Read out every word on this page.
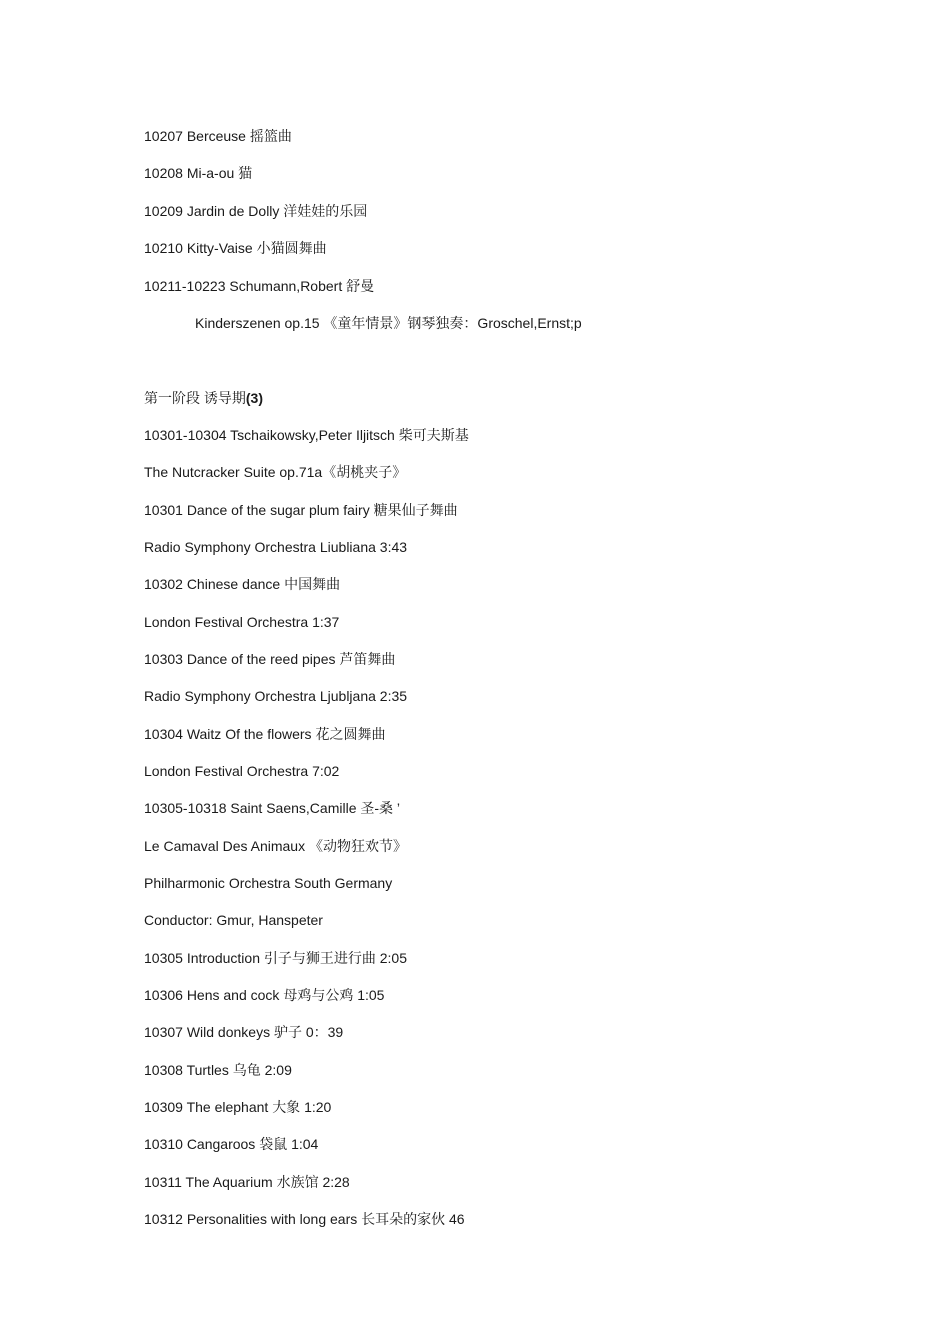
10207 Berceuse 摇篮曲
10208 Mi-a-ou 猫
10209 Jardin de Dolly 洋娃娃的乐园
10210 Kitty-Vaise 小猫圆舞曲
10211-10223 Schumann,Robert 舒曼
Kinderszenen op.15 《童年情景》钢琴独奏：Groschel,Ernst;p
第一阶段 诱导期(3)
10301-10304 Tschaikowsky,Peter Iljitsch 柴可夫斯基
The Nutcracker Suite op.71a《胡桃夹子》
10301 Dance of the sugar plum fairy 糖果仙子舞曲
Radio Symphony Orchestra Liubliana 3:43
10302 Chinese dance 中国舞曲
London Festival Orchestra 1:37
10303 Dance of the reed pipes 芦笛舞曲
Radio Symphony Orchestra Ljubljana 2:35
10304 Waitz Of the flowers 花之圆舞曲
London Festival Orchestra 7:02
10305-10318 Saint Saens,Camille 圣-桑 ’
Le Camaval Des Animaux 《动物狂欢节》
Philharmonic Orchestra South Germany
Conductor: Gmur, Hanspeter
10305 Introduction 引子与狮王进行曲 2:05
10306 Hens and cock 母鸡与公鸡 1:05
10307 Wild donkeys 驴子 0：39
10308 Turtles 乌龟 2:09
10309 The elephant 大象 1:20
10310 Cangaroos 袋鼠 1:04
10311 The Aquarium 水族馆 2:28
10312 Personalities with long ears 长耳朵的家伙 46
